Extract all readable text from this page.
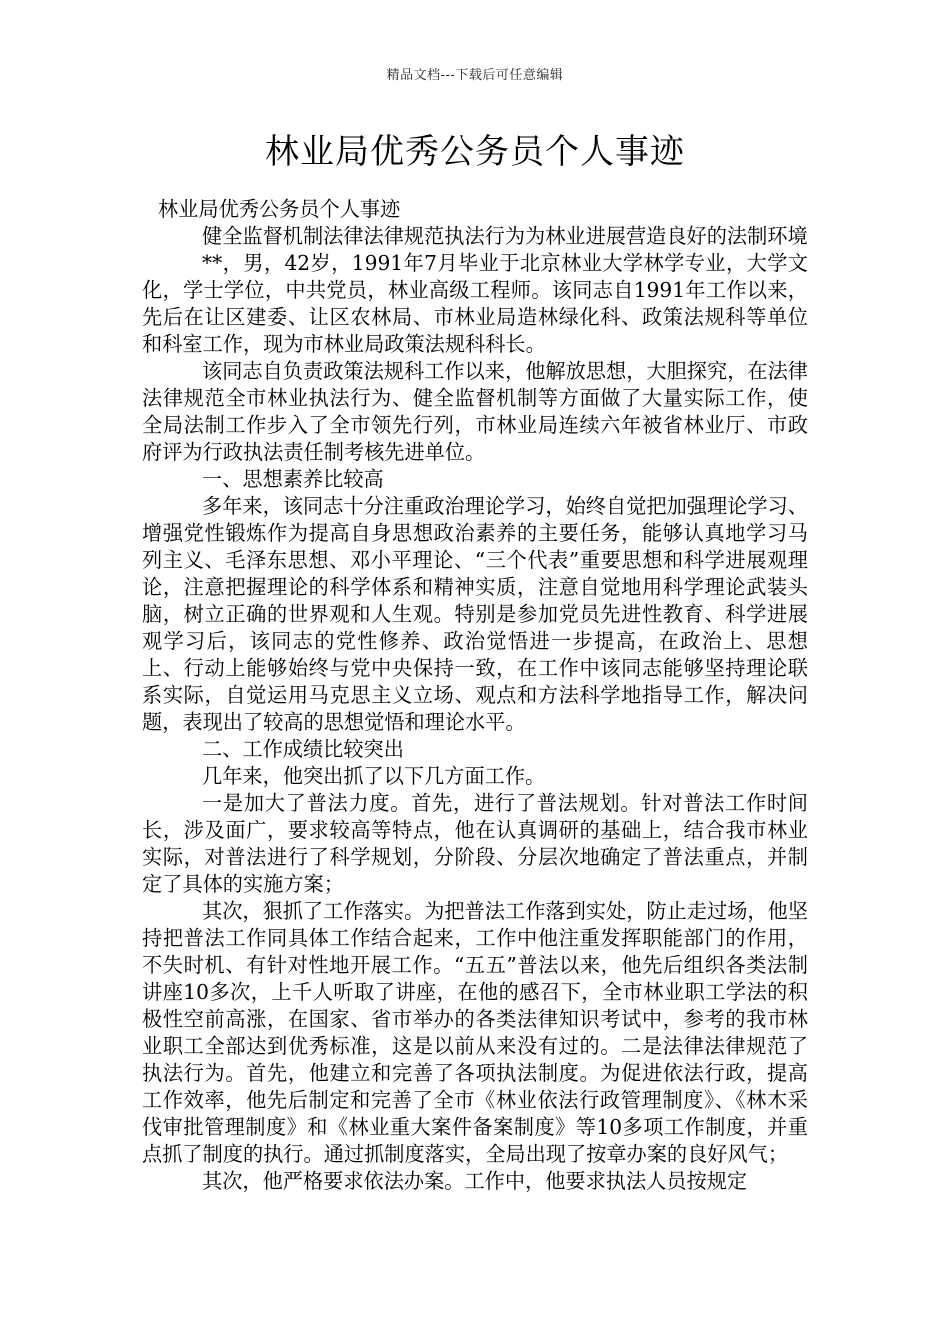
精品文档---下载后可任意编辑
林业局优秀公务员个人事迹

林业局优秀公务员个人事迹

健全监督机制法律法律规范执法行为为林业进展营造良好的法制环境

**，男，42岁，1991年7月毕业于北京林业大学林学专业，大学文化，学士学位，中共党员，林业高级工程师。该同志自1991年工作以来，先后在让区建委、让区农林局、市林业局造林绿化科、政策法规科等单位和科室工作，现为市林业局政策法规科科长。

该同志自负责政策法规科工作以来，他解放思想，大胆探究，在法律法律规范全市林业执法行为、健全监督机制等方面做了大量实际工作，使全局法制工作步入了全市领先行列，市林业局连续六年被省林业厅、市政府评为行政执法责任制考核先进单位。

一、思想素养比较高

多年来，该同志十分注重政治理论学习，始终自觉把加强理论学习、增强党性锻炼作为提高自身思想政治素养的主要任务，能够认真地学习马列主义、毛泽东思想、邓小平理论、“三个代表”重要思想和科学进展观理论，注意把握理论的科学体系和精神实质，注意自觉地用科学理论武装头脑，树立正确的世界观和人生观。特别是参加党员先进性教育、科学进展观学习后，该同志的党性修养、政治觉悟进一步提高，在政治上、思想上、行动上能够始终与党中央保持一致，在工作中该同志能够坚持理论联系实际，自觉运用马克思主义立场、观点和方法科学地指导工作，解决问题，表现出了较高的思想觉悟和理论水平。

二、工作成绩比较突出

几年来，他突出抓了以下几方面工作。

一是加大了普法力度。首先，进行了普法规划。针对普法工作时间长，涉及面广，要求较高等特点，他在认真调研的基础上，结合我市林业实际，对普法进行了科学规划，分阶段、分层次地确定了普法重点，并制定了具体的实施方案；

其次，狠抓了工作落实。为把普法工作落到实处，防止走过场，他坚持把普法工作同具体工作结合起来，工作中他注重发挥职能部门的作用，不失时机、有针对性地开展工作。“五五”普法以来，他先后组织各类法制讲座10多次，上千人听取了讲座，在他的感召下，全市林业职工学法的积极性空前高涨，在国家、省市举办的各类法律知识考试中，参考的我市林业职工全部达到优秀标准，这是以前从来没有过的。二是法律法律规范了执法行为。首先，他建立和完善了各项执法制度。为促进依法行政，提高工作效率，他先后制定和完善了全市《林业依法行政管理制度》、《林木采伐审批管理制度》和《林业重大案件备案制度》等10多项工作制度，并重点抓了制度的执行。通过抓制度落实，全局出现了按章办案的良好风气；

其次，他严格要求依法办案。工作中，他要求执法人员按规定
